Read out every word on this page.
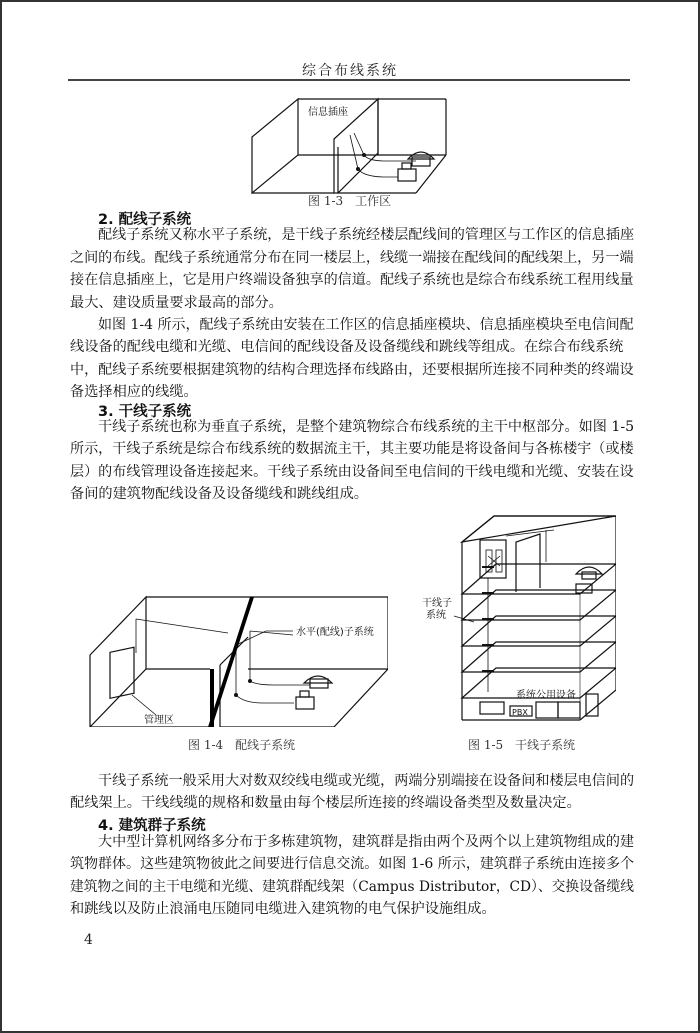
综合布线系统
信息插座
图 1-3　工作区
2. 配线子系统
配线子系统又称水平子系统，是干线子系统经楼层配线间的管理区与工作区的信息插座
之间的布线。配线子系统通常分布在同一楼层上，线缆一端接在配线间的配线架上，另一端
接在信息插座上，它是用户终端设备独享的信道。配线子系统也是综合布线系统工程用线量
最大、建设质量要求最高的部分。
如图 1-4 所示，配线子系统由安装在工作区的信息插座模块、信息插座模块至电信间配
线设备的配线电缆和光缆、电信间的配线设备及设备缆线和跳线等组成。在综合布线系统
中，配线子系统要根据建筑物的结构合理选择布线路由，还要根据所连接不同种类的终端设
备选择相应的线缆。
3. 干线子系统
干线子系统也称为垂直子系统，是整个建筑物综合布线系统的主干中枢部分。如图 1-5
所示，干线子系统是综合布线系统的数据流主干，其主要功能是将设备间与各栋楼宇（或楼
层）的布线管理设备连接起来。干线子系统由设备间至电信间的干线电缆和光缆、安装在设
备间的建筑物配线设备及设备缆线和跳线组成。
水平(配线)子系统
管理区
图 1-4　配线子系统
干线子
系统
系统公用设备
PBX
图 1-5　干线子系统
干线子系统一般采用大对数双绞线电缆或光缆，两端分别端接在设备间和楼层电信间的
配线架上。干线线缆的规格和数量由每个楼层所连接的终端设备类型及数量决定。
4. 建筑群子系统
大中型计算机网络多分布于多栋建筑物，建筑群是指由两个及两个以上建筑物组成的建
筑物群体。这些建筑物彼此之间要进行信息交流。如图 1-6 所示，建筑群子系统由连接多个
建筑物之间的主干电缆和光缆、建筑群配线架（Campus Distributor，CD）、交换设备缆线
和跳线以及防止浪涌电压随同电缆进入建筑物的电气保护设施组成。
4
